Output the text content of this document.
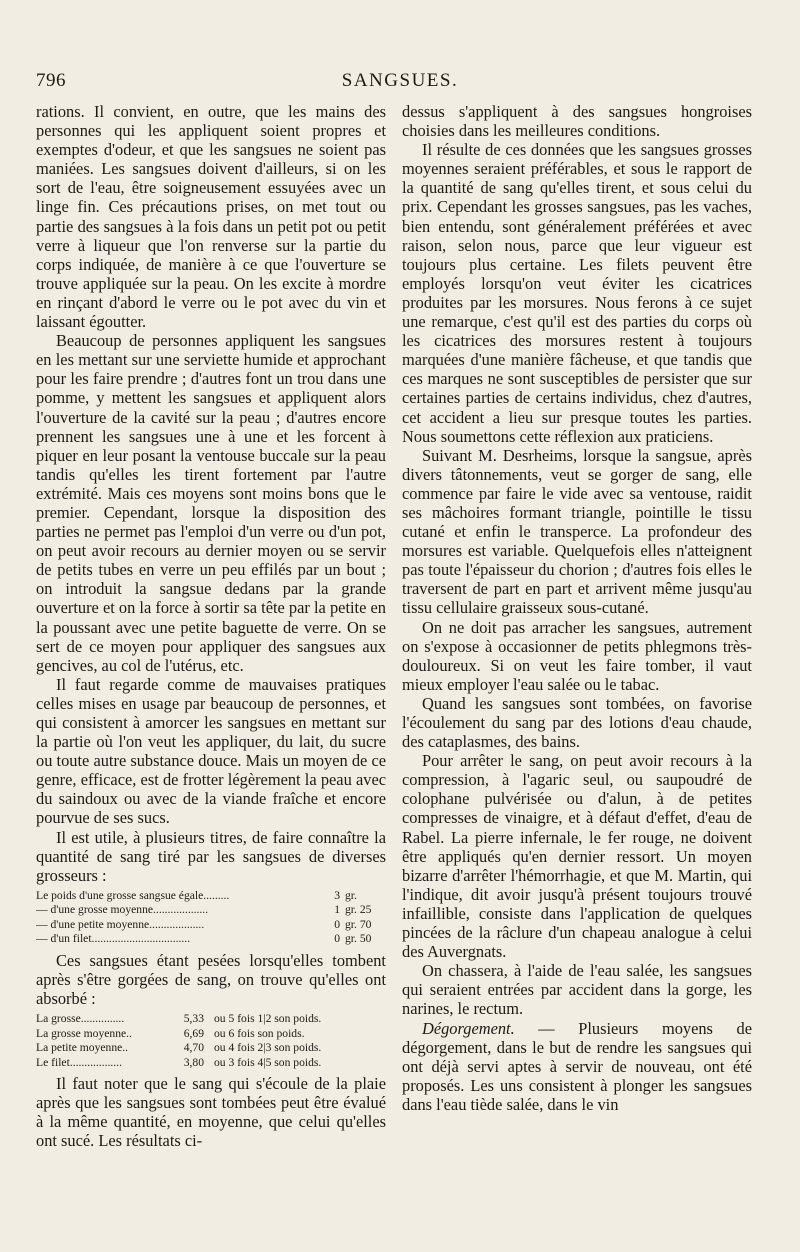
796	SANGSUES.

rations. Il convient, en outre, que les mains des personnes qui les appliquent soient propres et exemptes d'odeur, et que les sangsues ne soient pas maniées. Les sangsues doivent d'ailleurs, si on les sort de l'eau, être soigneusement essuyées avec un linge fin. Ces précautions prises, on met tout ou partie des sangsues à la fois dans un petit pot ou petit verre à liqueur que l'on renverse sur la partie du corps indiquée, de manière à ce que l'ouverture se trouve appliquée sur la peau. On les excite à mordre en rinçant d'abord le verre ou le pot avec du vin et laissant égoutter.

Beaucoup de personnes appliquent les sangsues en les mettant sur une serviette humide et approchant pour les faire prendre ; d'autres font un trou dans une pomme, y mettent les sangsues et appliquent alors l'ouverture de la cavité sur la peau ; d'autres encore prennent les sangsues une à une et les forcent à piquer en leur posant la ventouse buccale sur la peau tandis qu'elles les tirent fortement par l'autre extrémité. Mais ces moyens sont moins bons que le premier. Cependant, lorsque la disposition des parties ne permet pas l'emploi d'un verre ou d'un pot, on peut avoir recours au dernier moyen ou se servir de petits tubes en verre un peu effilés par un bout ; on introduit la sangsue dedans par la grande ouverture et on la force à sortir sa tête par la petite en la poussant avec une petite baguette de verre. On se sert de ce moyen pour appliquer des sangsues aux gencives, au col de l'utérus, etc.

Il faut regarde comme de mauvaises pratiques celles mises en usage par beaucoup de personnes, et qui consistent à amorcer les sangsues en mettant sur la partie où l'on veut les appliquer, du lait, du sucre ou toute autre substance douce. Mais un moyen de ce genre, efficace, est de frotter légèrement la peau avec du saindoux ou avec de la viande fraîche et encore pourvue de ses sucs.

Il est utile, à plusieurs titres, de faire connaître la quantité de sang tiré par les sangsues de diverses grosseurs :

Le poids d'une grosse sangsue égale.........	3 gr.
— d'une grosse moyenne...................	1 gr. 25
— d'une petite moyenne...................	0 gr. 70
— d'un filet..................................	0 gr. 50

Ces sangsues étant pesées lorsqu'elles tombent après s'être gorgées de sang, on trouve qu'elles ont absorbé :

La grosse...............	5,33 ou 5 fois 1|2 son poids.
La grosse moyenne..	6,69 ou 6 fois son poids.
La petite moyenne..	4,70 ou 4 fois 2|3 son poids.
Le filet..................	3,80 ou 3 fois 4|5 son poids.

Il faut noter que le sang qui s'écoule de la plaie après que les sangsues sont tombées peut être évalué à la même quantité, en moyenne, que celui qu'elles ont sucé. Les résultats ci-

dessus s'appliquent à des sangsues hongroises choisies dans les meilleures conditions.

Il résulte de ces données que les sangsues grosses moyennes seraient préférables, et sous le rapport de la quantité de sang qu'elles tirent, et sous celui du prix. Cependant les grosses sangsues, pas les vaches, bien entendu, sont généralement préférées et avec raison, selon nous, parce que leur vigueur est toujours plus certaine. Les filets peuvent être employés lorsqu'on veut éviter les cicatrices produites par les morsures. Nous ferons à ce sujet une remarque, c'est qu'il est des parties du corps où les cicatrices des morsures restent à toujours marquées d'une manière fâcheuse, et que tandis que ces marques ne sont susceptibles de persister que sur certaines parties de certains individus, chez d'autres, cet accident a lieu sur presque toutes les parties. Nous soumettons cette réflexion aux praticiens.

Suivant M. Desrheims, lorsque la sangsue, après divers tâtonnements, veut se gorger de sang, elle commence par faire le vide avec sa ventouse, raidit ses mâchoires formant triangle, pointille le tissu cutané et enfin le transperce. La profondeur des morsures est variable. Quelquefois elles n'atteignent pas toute l'épaisseur du chorion ; d'autres fois elles le traversent de part en part et arrivent même jusqu'au tissu cellulaire graisseux sous-cutané.

On ne doit pas arracher les sangsues, autrement on s'expose à occasionner de petits phlegmons très-douloureux. Si on veut les faire tomber, il vaut mieux employer l'eau salée ou le tabac.

Quand les sangsues sont tombées, on favorise l'écoulement du sang par des lotions d'eau chaude, des cataplasmes, des bains.

Pour arrêter le sang, on peut avoir recours à la compression, à l'agaric seul, ou saupoudré de colophane pulvérisée ou d'alun, à de petites compresses de vinaigre, et à défaut d'effet, d'eau de Rabel. La pierre infernale, le fer rouge, ne doivent être appliqués qu'en dernier ressort. Un moyen bizarre d'arrêter l'hémorrhagie, et que M. Martin, qui l'indique, dit avoir jusqu'à présent toujours trouvé infaillible, consiste dans l'application de quelques pincées de la râclure d'un chapeau analogue à celui des Auvergnats.

On chassera, à l'aide de l'eau salée, les sangsues qui seraient entrées par accident dans la gorge, les narines, le rectum.

Dégorgement. — Plusieurs moyens de dégorgement, dans le but de rendre les sangsues qui ont déjà servi aptes à servir de nouveau, ont été proposés. Les uns consistent à plonger les sangsues dans l'eau tiède salée, dans le vin
